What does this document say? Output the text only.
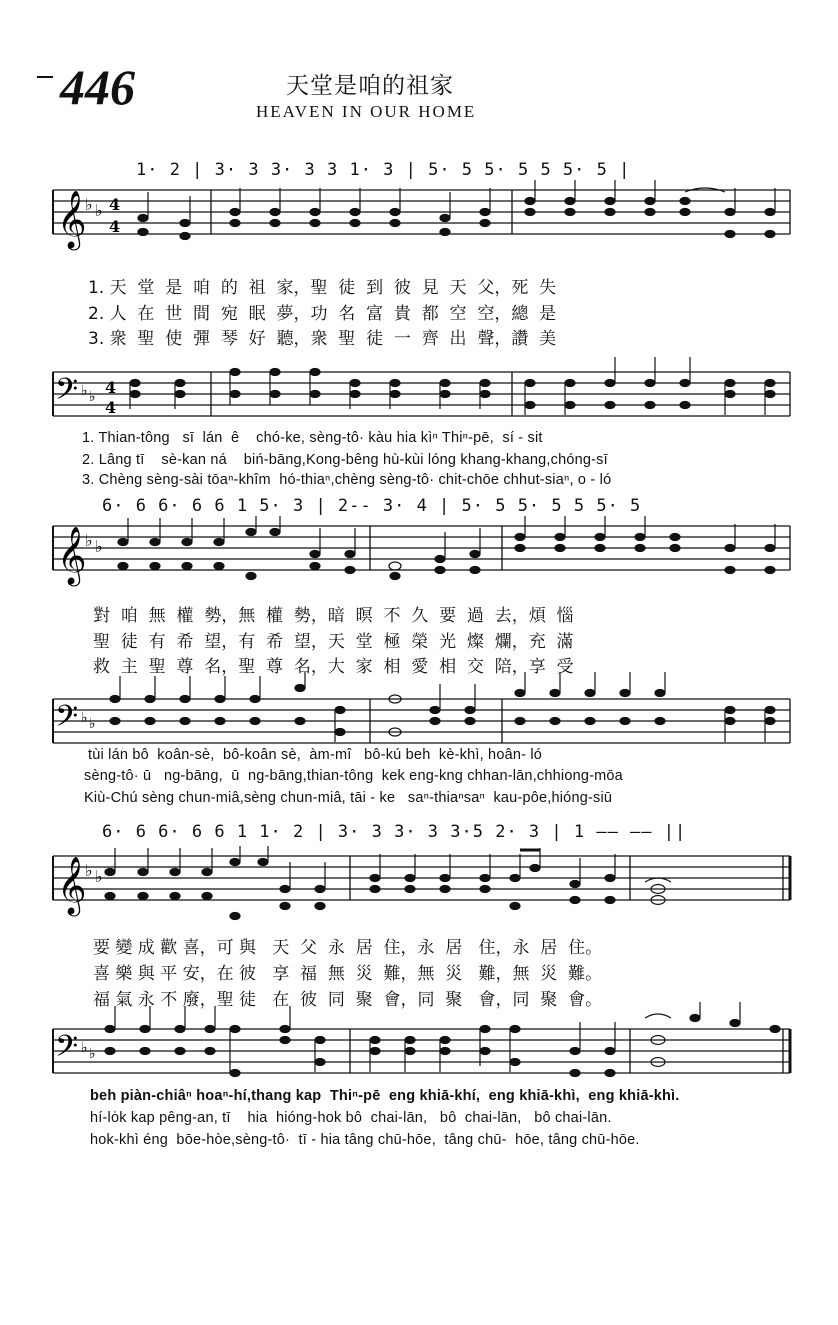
446	天堂是咱的祖家
HEAVEN IN OUR HOME
1· 2 | 3· 3 3· 3 3 1· 3 | 5· 5 5· 5 5 5· 5 |
𝄞
♭ ♭ 4
4
1. 天  堂  是  咱  的  祖  家，聖  徒  到  彼  見  天  父，死  失
2. 人  在  世  間  宛  眠  夢，功  名  富  貴  都  空  空，總  是
3. 衆  聖  使  彈  琴  好  聽，衆  聖  徒  一  齊  出  聲，讚  美
𝄢 ♭ ♭ 4
4
1. Thian-tông   sī  lán  ê    chó-ke, sèng-tô· kàu hia kìⁿ Thiⁿ-pē,  sí - sit
2. Lâng tī    sè-kan ná    biń-bāng,Kong-bêng hù-kùi lóng khang-khang,chóng-sī
3. Chèng sèng-sài tōaⁿ-khîm  hó-thiaⁿ,chèng sèng-tô· chit-chōe chhut-siaⁿ, o - ló
6· 6 6· 6 6 1 5· 3 | 2-- 3· 4 | 5· 5 5· 5 5 5· 5
𝄞
♭ ♭
對  咱  無  權  勢，無  權  勢，暗  暝  不  久  要  過  去，煩  惱
聖  徒  有  希  望，有  希  望，天  堂  極  榮  光  燦  爛，充  滿
救  主  聖  尊  名，聖  尊  名，大  家  相  愛  相  交  陪，享  受
𝄢 ♭ ♭
tùi lán bô  koân-sè,  bô-koân sè,  àm-mî   bô-kú beh  kè-khì, hoân- ló
sèng-tô· ū   ng-bāng,  ū  ng-bāng,thian-tông  kek eng-kng chhan-lān,chhiong-mōa
Kiù-Chú sèng chun-miâ,sèng chun-miâ, tāi - ke   saⁿ-thiaⁿsaⁿ  kau-pôe,hióng-siū
6· 6 6· 6 6 1 1· 2 | 3· 3 3· 3 3·5 2· 3 | 1 —— —— ||
𝄞
♭ ♭
要 變 成 歡 喜，可 與   天  父  永  居  住，永  居   住，永  居  住。
喜 樂 與 平 安，在 彼   享  福  無  災  難，無  災   難，無  災  難。
福 氣 永 不 廢，聖 徒   在  彼  同  聚  會，同  聚   會，同  聚  會。
𝄢 ♭ ♭
beh piàn-chiâⁿ hoaⁿ-hí,thang kap  Thiⁿ-pē  eng khiā-khí,  eng khiā-khì,  eng khiā-khì.
hí-lo̍k kap pêng-an, tī    hia  hióng-hok bô  chai-lān,   bô  chai-lān,   bô chai-lān.
hok-khì éng  bōe-hòe,sèng-tô·  tī - hia tâng chū-hōe,  tâng chū-  hōe, tâng chū-hōe.
